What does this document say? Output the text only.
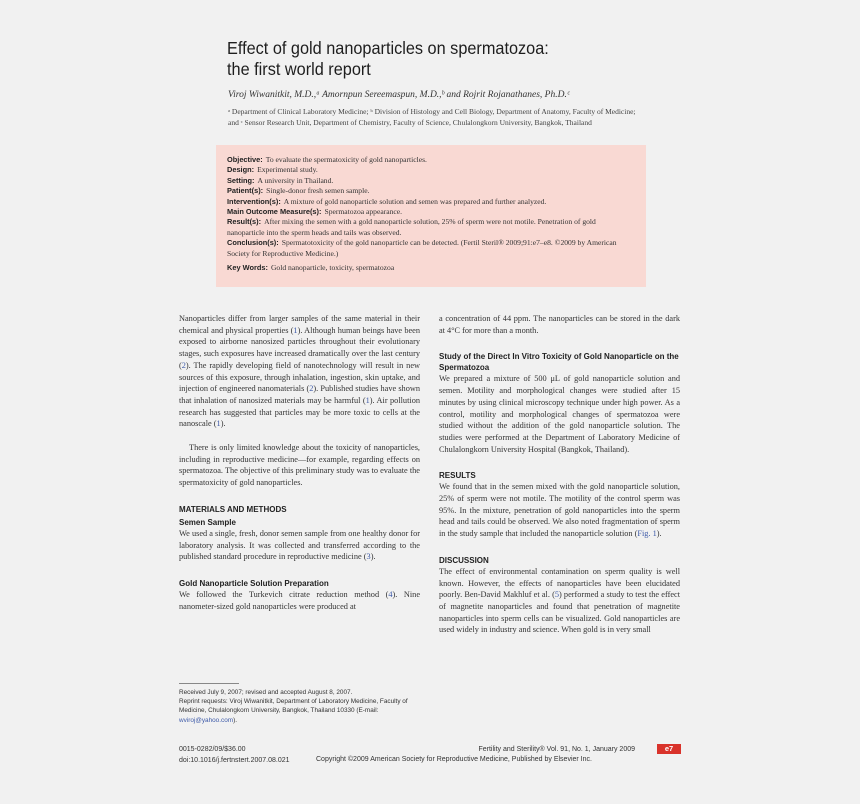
Effect of gold nanoparticles on spermatozoa:
the first world report
Viroj Wiwanitkit, M.D.,ᵃ Amornpun Sereemaspun, M.D.,ᵇ and Rojrit Rojanathanes, Ph.D.ᶜ
ᵃ Department of Clinical Laboratory Medicine; ᵇ Division of Histology and Cell Biology, Department of Anatomy, Faculty of Medicine; and ᶜ Sensor Research Unit, Department of Chemistry, Faculty of Science, Chulalongkorn University, Bangkok, Thailand
Objective: To evaluate the spermatoxicity of gold nanoparticles.
Design: Experimental study.
Setting: A university in Thailand.
Patient(s): Single-donor fresh semen sample.
Intervention(s): A mixture of gold nanoparticle solution and semen was prepared and further analyzed.
Main Outcome Measure(s): Spermatozoa appearance.
Result(s): After mixing the semen with a gold nanoparticle solution, 25% of sperm were not motile. Penetration of gold nanoparticle into the sperm heads and tails was observed.
Conclusion(s): Spermatotoxicity of the gold nanoparticle can be detected. (Fertil Steril® 2009;91:e7–e8. ©2009 by American Society for Reproductive Medicine.)
Key Words: Gold nanoparticle, toxicity, spermatozoa

Nanoparticles differ from larger samples of the same material in their chemical and physical properties (1). Although human beings have been exposed to airborne nanosized particles throughout their evolutionary stages, such exposures have increased dramatically over the last century (2). The rapidly developing field of nanotechnology will result in new sources of this exposure, through inhalation, ingestion, skin uptake, and injection of engineered nanomaterials (2). Published studies have shown that inhalation of nanosized materials may be harmful (1). Air pollution research has suggested that particles may be more toxic to cells at the nanoscale (1).

There is only limited knowledge about the toxicity of nanoparticles, including in reproductive medicine—for example, regarding effects on spermatozoa. The objective of this preliminary study was to evaluate the spermatoxicity of gold nanoparticles.

MATERIALS AND METHODS
Semen Sample

We used a single, fresh, donor semen sample from one healthy donor for laboratory analysis. It was collected and transferred according to the published standard procedure in reproductive medicine (3).

Gold Nanoparticle Solution Preparation

We followed the Turkevich citrate reduction method (4). Nine nanometer-sized gold nanoparticles were produced at

a concentration of 44 ppm. The nanoparticles can be stored in the dark at 4°C for more than a month.

Study of the Direct In Vitro Toxicity of Gold Nanoparticle on the Spermatozoa

We prepared a mixture of 500 μL of gold nanoparticle solution and semen. Motility and morphological changes were studied after 15 minutes by using clinical microscopy technique under high power. As a control, motility and morphological changes of spermatozoa were studied without the addition of the gold nanoparticle solution. The studies were performed at the Department of Laboratory Medicine of Chulalongkorn University Hospital (Bangkok, Thailand).

RESULTS

We found that in the semen mixed with the gold nanoparticle solution, 25% of sperm were not motile. The motility of the control sperm was 95%. In the mixture, penetration of gold nanoparticles into the sperm head and tails could be observed. We also noted fragmentation of sperm in the study sample that included the nanoparticle solution (Fig. 1).

DISCUSSION

The effect of environmental contamination on sperm quality is well known. However, the effects of nanoparticles have been elucidated poorly. Ben-David Makhluf et al. (5) performed a study to test the effect of magnetite nanoparticles and found that penetration of magnetite nanoparticles into sperm cells can be visualized. Gold nanoparticles are used widely in industry and science. When gold is in very small

Received July 9, 2007; revised and accepted August 8, 2007.
Reprint requests: Viroj Wiwanitkit, Department of Laboratory Medicine, Faculty of Medicine, Chulalongkorn University, Bangkok, Thailand 10330 (E-mail: wviroj@yahoo.com).
0015-0282/09/$36.00
doi:10.1016/j.fertnstert.2007.08.021
Fertility and Sterility® Vol. 91, No. 1, January 2009
Copyright ©2009 American Society for Reproductive Medicine, Published by Elsevier Inc.
e7
